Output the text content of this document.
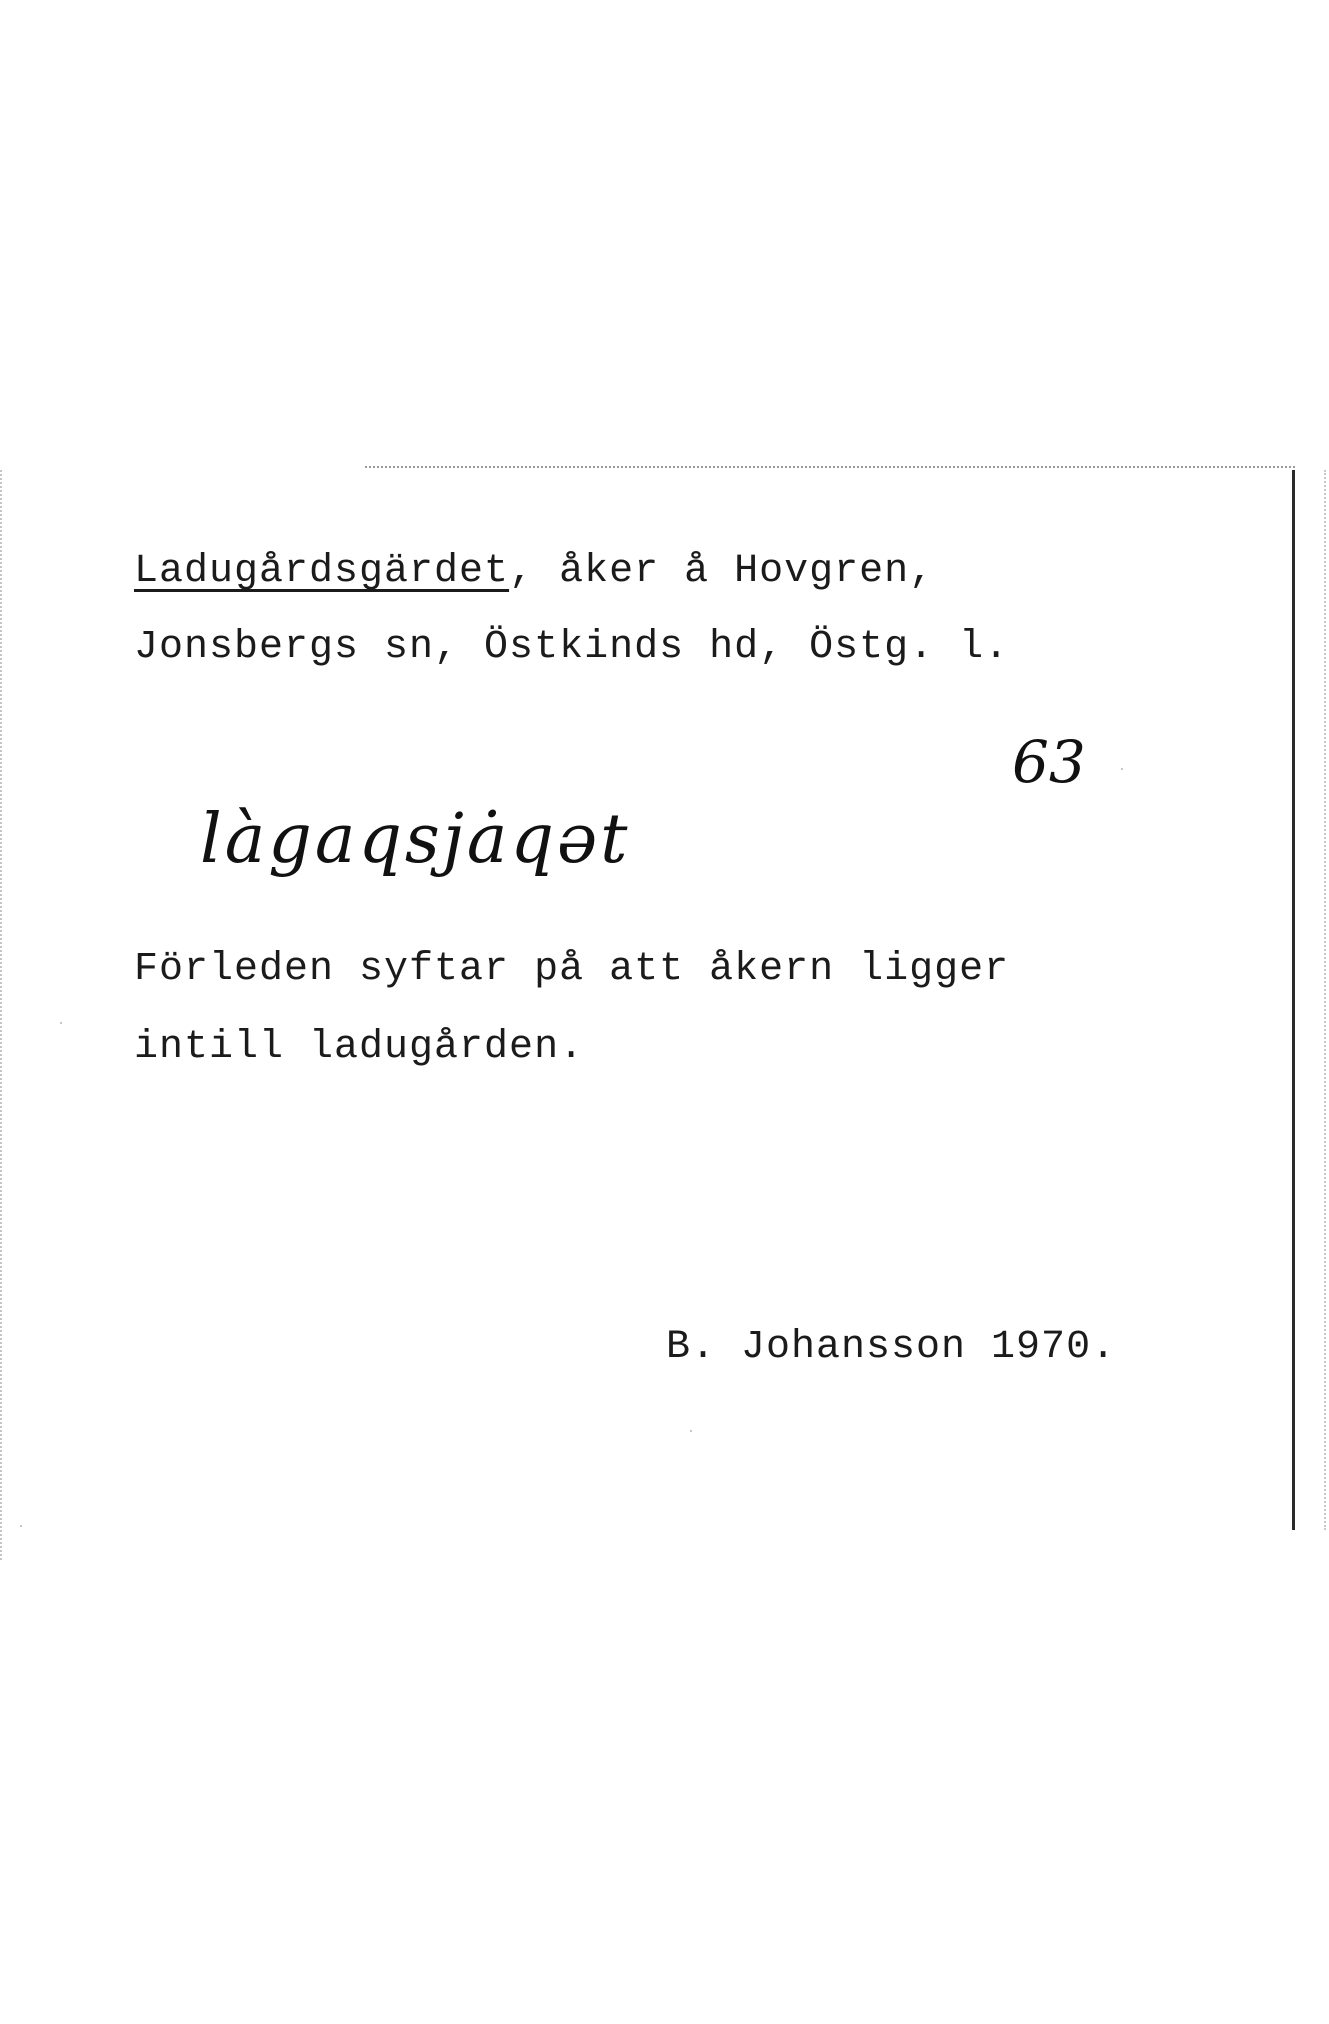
Ladugårdsgärdet, åker å Hovgren,
Jonsbergs sn, Östkinds hd, Östg. l.
63
làgaqsjȧqət
Förleden syftar på att åkern ligger
intill ladugården.
B. Johansson 1970.
